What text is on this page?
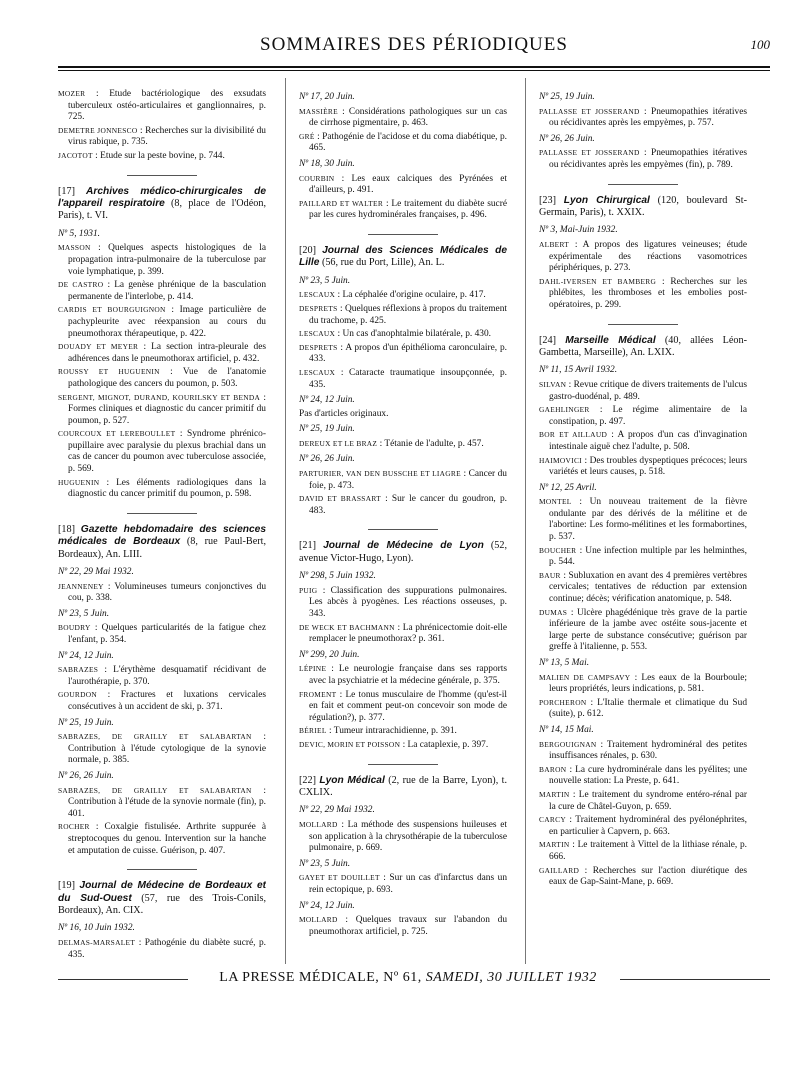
SOMMAIRES DES PÉRIODIQUES	100
MOZER : Etude bactériologique des exsudats tuberculeux ostéo-articulaires et ganglionnaires, p. 725.
DEMETRE JONNESCO : Recherches sur la divisibilité du virus rabique, p. 735.
JACOTOT : Etude sur la peste bovine, p. 744.
[17] Archives médico-chirurgicales de l'appareil respiratoire (8, place de l'Odéon, Paris), t. VI.
Nº 5, 1931.
MASSON : Quelques aspects histologiques de la propagation intra-pulmonaire de la tuberculose par voie lymphatique, p. 399.
DE CASTRO : La genèse phrénique de la basculation permanente de l'interlobe, p. 414.
CARDIS ET BOURGUIGNON : Image particulière de pachypleurite avec réexpansion au cours du pneumothorax thérapeutique, p. 422.
DOUADY ET MEYER : La section intra-pleurale des adhérences dans le pneumothorax artificiel, p. 432.
ROUSSY ET HUGUENIN : Vue de l'anatomie pathologique des cancers du poumon, p. 503.
SERGENT, MIGNOT, DURAND, KOURILSKY ET BENDA : Formes cliniques et diagnostic du cancer primitif du poumon, p. 527.
COURCOUX ET LEREBOULLET : Syndrome phrénico-pupillaire avec paralysie du plexus brachial dans un cas de cancer du poumon avec tuberculose associée, p. 569.
HUGUENIN : Les éléments radiologiques dans la diagnostic du cancer primitif du poumon, p. 598.
[18] Gazette hebdomadaire des sciences médicales de Bordeaux (8, rue Paul-Bert, Bordeaux), An. LIII.
Nº 22, 29 Mai 1932.
JEANNENEY : Volumineuses tumeurs conjonctives du cou, p. 338.
Nº 23, 5 Juin.
BOUDRY : Quelques particularités de la fatigue chez l'enfant, p. 354.
Nº 24, 12 Juin.
SABRAZES : L'érythème desquamatif récidivant de l'aurothérapie, p. 370.
GOURDON : Fractures et luxations cervicales consécutives à un accident de ski, p. 371.
Nº 25, 19 Juin.
SABRAZES, DE GRAILLY ET SALABARTAN : Contribution à l'étude cytologique de la synovie normale, p. 385.
Nº 26, 26 Juin.
SABRAZES, DE GRAILLY ET SALABARTAN : Contribution à l'étude de la synovie normale (fin), p. 401.
ROCHER : Coxalgie fistulisée. Arthrite suppurée à streptocoques du genou. Intervention sur la hanche et amputation de cuisse. Guérison, p. 407.
[19] Journal de Médecine de Bordeaux et du Sud-Ouest (57, rue des Trois-Conils, Bordeaux), An. CIX.
Nº 16, 10 Juin 1932.
DELMAS-MARSALET : Pathogénie du diabète sucré, p. 435.
Nº 17, 20 Juin.
MASSIÈRE : Considérations pathologiques sur un cas de cirrhose pigmentaire, p. 463.
GRÉ : Pathogénie de l'acidose et du coma diabétique, p. 465.
Nº 18, 30 Juin.
COURBIN : Les eaux calciques des Pyrénées et d'ailleurs, p. 491.
PAILLARD ET WALTER : Le traitement du diabète sucré par les cures hydrominérales françaises, p. 496.
[20] Journal des Sciences Médicales de Lille (56, rue du Port, Lille), An. L.
Nº 23, 5 Juin.
LESCAUX : La céphalée d'origine oculaire, p. 417.
DESPRETS : Quelques réflexions à propos du traitement du trachome, p. 425.
LESCAUX : Un cas d'anophtalmie bilatérale, p. 430.
DESPRETS : A propos d'un épithélioma caronculaire, p. 433.
LESCAUX : Cataracte traumatique insoupçonnée, p. 435.
Nº 24, 12 Juin.
Pas d'articles originaux.
Nº 25, 19 Juin.
DEREUX ET LE BRAZ : Tétanie de l'adulte, p. 457.
Nº 26, 26 Juin.
PARTURIER, VAN DEN BUSSCHE ET LIAGRE : Cancer du foie, p. 473.
DAVID ET BRASSART : Sur le cancer du goudron, p. 483.
[21] Journal de Médecine de Lyon (52, avenue Victor-Hugo, Lyon).
Nº 298, 5 Juin 1932.
PUIG : Classification des suppurations pulmonaires. Les abcès à pyogènes. Les réactions osseuses, p. 343.
DE WECK ET BACHMANN : La phrénicectomie doit-elle remplacer le pneumothorax? p. 361.
Nº 299, 20 Juin.
LÉPINE : Le neurologie française dans ses rapports avec la psychiatrie et la médecine générale, p. 375.
FROMENT : Le tonus musculaire de l'homme (qu'est-il en fait et comment peut-on concevoir son mode de régulation?), p. 377.
BÉRIEL : Tumeur intrarachidienne, p. 391.
DEVIC, MORIN ET POISSON : La cataplexie, p. 397.
[22] Lyon Médical (2, rue de la Barre, Lyon), t. CXLIX.
Nº 22, 29 Mai 1932.
MOLLARD : La méthode des suspensions huileuses et son application à la chrysothérapie de la tuberculose pulmonaire, p. 669.
Nº 23, 5 Juin.
GAYET ET DOUILLET : Sur un cas d'infarctus dans un rein ectopique, p. 693.
Nº 24, 12 Juin.
MOLLARD : Quelques travaux sur l'abandon du pneumothorax artificiel, p. 725.
Nº 25, 19 Juin.
PALLASSE ET JOSSERAND : Pneumopathies itératives ou récidivantes après les empyèmes, p. 757.
Nº 26, 26 Juin.
PALLASSE ET JOSSERAND : Pneumopathies itératives ou récidivantes après les empyèmes (fin), p. 789.
[23] Lyon Chirurgical (120, boulevard St-Germain, Paris), t. XXIX.
Nº 3, Mai-Juin 1932.
ALBERT : A propos des ligatures veineuses; étude expérimentale des réactions vasomotrices périphériques, p. 273.
DAHL-IVERSEN ET BAMBERG : Recherches sur les phlébites, les thromboses et les embolies post-opératoires, p. 299.
[24] Marseille Médical (40, allées Léon-Gambetta, Marseille), An. LXIX.
Nº 11, 15 Avril 1932.
SILVAN : Revue critique de divers traitements de l'ulcus gastro-duodénal, p. 489.
GAEHLINGER : Le régime alimentaire de la constipation, p. 497.
BOR ET AILLAUD : A propos d'un cas d'invagination intestinale aiguë chez l'adulte, p. 508.
HAIMOVICI : Des troubles dyspeptiques précoces; leurs variétés et leurs causes, p. 518.
Nº 12, 25 Avril.
MONTEL : Un nouveau traitement de la fièvre ondulante par des dérivés de la mélitine et de l'abortine: Les formo-mélitines et les formabortines, p. 537.
BOUCHER : Une infection multiple par les helminthes, p. 544.
BAUR : Subluxation en avant des 4 premières vertèbres cervicales; tentatives de réduction par extension continue; décès; vérification anatomique, p. 548.
DUMAS : Ulcère phagédénique très grave de la partie inférieure de la jambe avec ostéite sous-jacente et large perte de substance consécutive; guérison par greffe à l'italienne, p. 553.
Nº 13, 5 Mai.
MALIEN DE CAMPSAVY : Les eaux de la Bourboule; leurs propriétés, leurs indications, p. 581.
PORCHERON : L'Italie thermale et climatique du Sud (suite), p. 612.
Nº 14, 15 Mai.
BERGOUIGNAN : Traitement hydrominéral des petites insuffisances rénales, p. 630.
BARON : La cure hydrominérale dans les pyélites; une nouvelle station: La Preste, p. 641.
MARTIN : Le traitement du syndrome entéro-rénal par la cure de Châtel-Guyon, p. 659.
CARCY : Traitement hydrominéral des pyélonéphrites, en particulier à Capvern, p. 663.
MARTIN : Le traitement à Vittel de la lithiase rénale, p. 666.
GAILLARD : Recherches sur l'action diurétique des eaux de Gap-Saint-Mane, p. 669.
LA PRESSE MÉDICALE, Nº 61, SAMEDI, 30 JUILLET 1932
